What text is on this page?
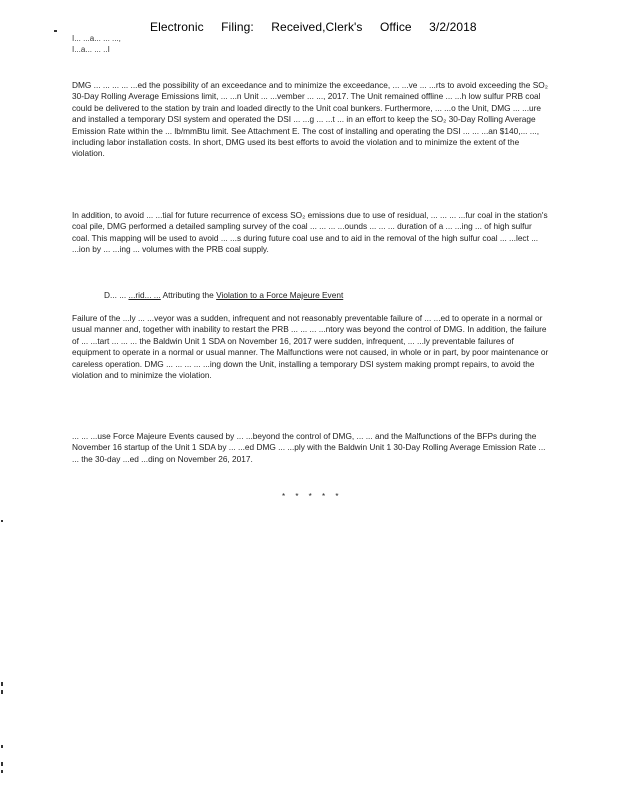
Electronic Filing: Received,Clerk's Office 3/2/2018
I... ...a... ... ...,
I...a... ... ..I

DMG ... ... ... ... ...ed the possibility of an exceedance and to minimize the exceedance, ... ...ve ... ...rts to avoid exceeding the SO₂ 30-Day Rolling Average Emissions limit, ... ...n Unit ... ...vember ... ..., 2017. The Unit remained offline ... ...h low sulfur PRB coal could be delivered to the station by train and loaded directly to the Unit coal bunkers. Furthermore, ... ...o the Unit, DMG ... ...ure and installed a temporary DSI system and operated the DSI ... ...g ... ...t ... in an effort to keep the SO₂ 30-Day Rolling Average Emission Rate within the ... lb/mmBtu limit. See Attachment E. The cost of installing and operating the DSI ... ... ...an $140,... ..., including labor installation costs. In short, DMG used its best efforts to avoid the violation and to minimize the extent of the violation.

In addition, to avoid ... ...tial for future recurrence of excess SO₂ emissions due to use of residual, ... ... ... ...fur coal in the station's coal pile, DMG performed a detailed sampling survey of the coal ... ... ... ...ounds ... ... ... duration of a ... ...ing ... of high sulfur coal. This mapping will be used to avoid ... ...s during future coal use and to aid in the removal of the high sulfur coal ... ...lect ... ...ion by ... ...ing ... volumes with the PRB coal supply.

D... ... ...rid... ... Attributing the Violation to a Force Majeure Event

Failure of the ...ly ... ...veyor was a sudden, infrequent and not reasonably preventable failure of ... ...ed to operate in a normal or usual manner and, together with inability to restart the PRB ... ... ... ...ntory was beyond the control of DMG. In addition, the failure of ... ...tart ... ... ... the Baldwin Unit 1 SDA on November 16, 2017 were sudden, infrequent, ... ...ly preventable failures of equipment to operate in a normal or usual manner. The Malfunctions were not caused, in whole or in part, by poor maintenance or careless operation. DMG ... ... ... ... ...ing down the Unit, installing a temporary DSI system making prompt repairs, to avoid the violation and to minimize the violation.

... ... ...use Force Majeure Events caused by ... ...beyond the control of DMG, ... ... and the Malfunctions of the BFPs during the November 16 startup of the Unit 1 SDA by ... ...ed DMG ... ...ply with the Baldwin Unit 1 30-Day Rolling Average Emission Rate ... ... the 30-day ...ed ...ding on November 26, 2017.

* * * * *
